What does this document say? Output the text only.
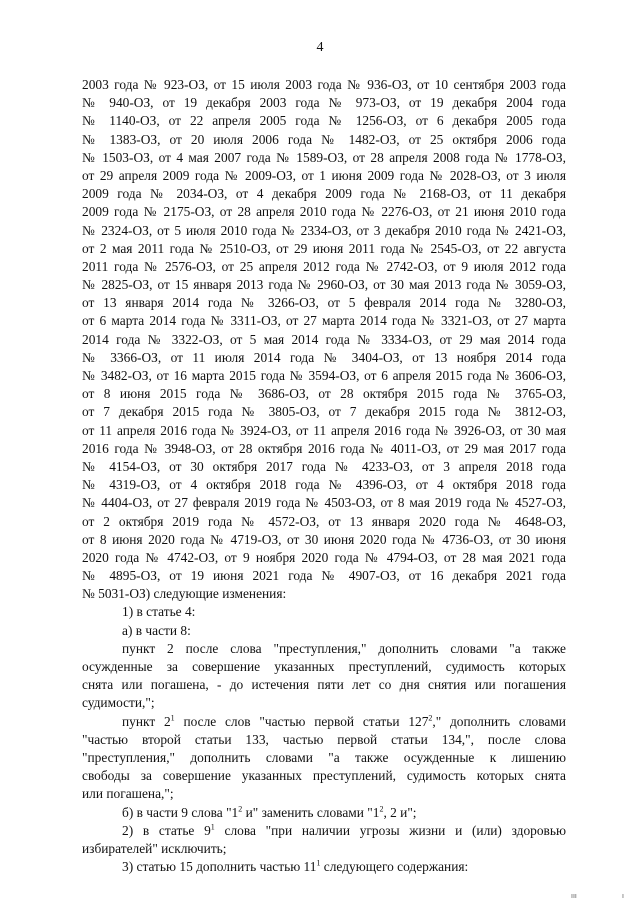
4
2003 года № 923-ОЗ, от 15 июля 2003 года № 936-ОЗ, от 10 сентября 2003 года
№ 940-ОЗ, от 19 декабря 2003 года № 973-ОЗ, от 19 декабря 2004 года
№ 1140-ОЗ, от 22 апреля 2005 года № 1256-ОЗ, от 6 декабря 2005 года
№ 1383-ОЗ, от 20 июля 2006 года № 1482-ОЗ, от 25 октября 2006 года
№ 1503-ОЗ, от 4 мая 2007 года № 1589-ОЗ, от 28 апреля 2008 года № 1778-ОЗ,
от 29 апреля 2009 года № 2009-ОЗ, от 1 июня 2009 года № 2028-ОЗ, от 3 июля
2009 года № 2034-ОЗ, от 4 декабря 2009 года № 2168-ОЗ, от 11 декабря
2009 года № 2175-ОЗ, от 28 апреля 2010 года № 2276-ОЗ, от 21 июня 2010 года
№ 2324-ОЗ, от 5 июля 2010 года № 2334-ОЗ, от 3 декабря 2010 года № 2421-ОЗ,
от 2 мая 2011 года № 2510-ОЗ, от 29 июня 2011 года № 2545-ОЗ, от 22 августа
2011 года № 2576-ОЗ, от 25 апреля 2012 года № 2742-ОЗ, от 9 июля 2012 года
№ 2825-ОЗ, от 15 января 2013 года № 2960-ОЗ, от 30 мая 2013 года № 3059-ОЗ,
от 13 января 2014 года № 3266-ОЗ, от 5 февраля 2014 года № 3280-ОЗ,
от 6 марта 2014 года № 3311-ОЗ, от 27 марта 2014 года № 3321-ОЗ, от 27 марта
2014 года № 3322-ОЗ, от 5 мая 2014 года № 3334-ОЗ, от 29 мая 2014 года
№ 3366-ОЗ, от 11 июля 2014 года № 3404-ОЗ, от 13 ноября 2014 года
№ 3482-ОЗ, от 16 марта 2015 года № 3594-ОЗ, от 6 апреля 2015 года № 3606-ОЗ,
от 8 июня 2015 года № 3686-ОЗ, от 28 октября 2015 года № 3765-ОЗ,
от 7 декабря 2015 года № 3805-ОЗ, от 7 декабря 2015 года № 3812-ОЗ,
от 11 апреля 2016 года № 3924-ОЗ, от 11 апреля 2016 года № 3926-ОЗ, от 30 мая
2016 года № 3948-ОЗ, от 28 октября 2016 года № 4011-ОЗ, от 29 мая 2017 года
№ 4154-ОЗ, от 30 октября 2017 года № 4233-ОЗ, от 3 апреля 2018 года
№ 4319-ОЗ, от 4 октября 2018 года № 4396-ОЗ, от 4 октября 2018 года
№ 4404-ОЗ, от 27 февраля 2019 года № 4503-ОЗ, от 8 мая 2019 года № 4527-ОЗ,
от 2 октября 2019 года № 4572-ОЗ, от 13 января 2020 года № 4648-ОЗ,
от 8 июня 2020 года № 4719-ОЗ, от 30 июня 2020 года № 4736-ОЗ, от 30 июня
2020 года № 4742-ОЗ, от 9 ноября 2020 года № 4794-ОЗ, от 28 мая 2021 года
№ 4895-ОЗ, от 19 июня 2021 года № 4907-ОЗ, от 16 декабря 2021 года
№ 5031-ОЗ) следующие изменения:
1) в статье 4:
а) в части 8:
пункт 2 после слова "преступления," дополнить словами "а также
осужденные за совершение указанных преступлений, судимость которых
снята или погашена, - до истечения пяти лет со дня снятия или погашения
судимости,";
пункт $2^1$ после слов "частью первой статьи $127^2$," дополнить словами
"частью второй статьи 133, частью первой статьи 134,", после слова
"преступления," дополнить словами "а также осужденные к лишению
свободы за совершение указанных преступлений, судимость которых снята
или погашена,";
б) в части 9 слова "$1^2$ и" заменить словами "$1^2$, 2 и";
2) в статье $9^1$ слова "при наличии угрозы жизни и (или) здоровью
избирателей" исключить;
3) статью 15 дополнить частью $11^1$ следующего содержания:
ııı	ı
